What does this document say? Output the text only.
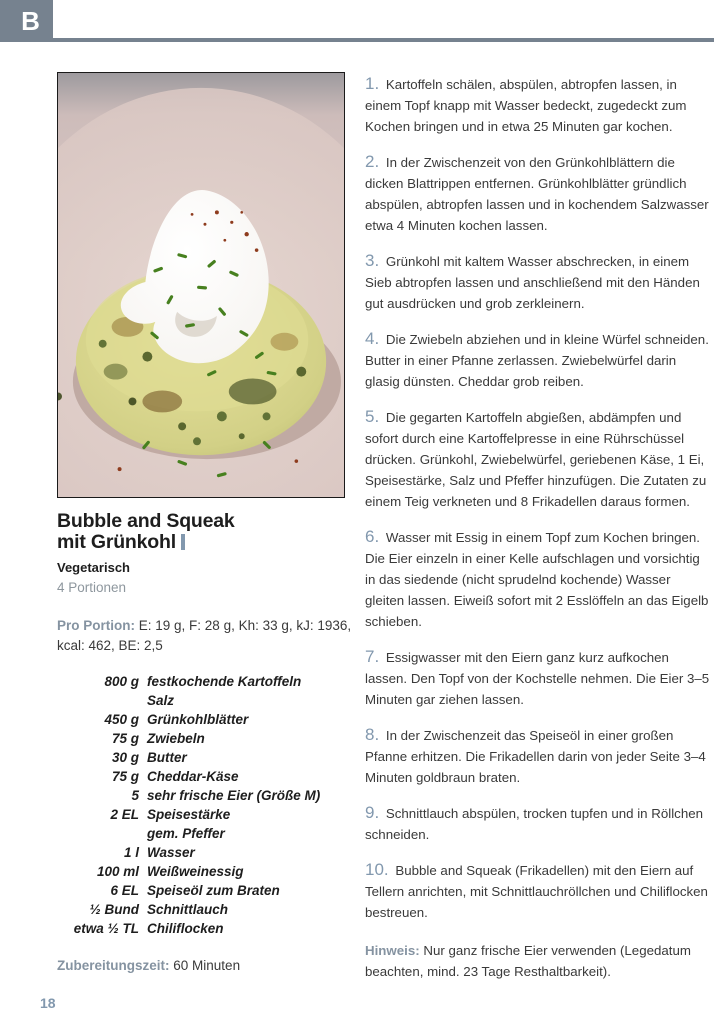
B
Bubble and Squeak
mit Grünkohl
Vegetarisch
4 Portionen
Pro Portion: E: 19 g, F: 28 g, Kh: 33 g, kJ: 1936, kcal: 462, BE: 2,5
800 g festkochende Kartoffeln
Salz
450 g Grünkohlblätter
75 g Zwiebeln
30 g Butter
75 g Cheddar-Käse
5 sehr frische Eier (Größe M)
2 EL Speisestärke
gem. Pfeffer
1 l Wasser
100 ml Weißweinessig
6 EL Speiseöl zum Braten
½ Bund Schnittlauch
etwa ½ TL Chiliflocken
Zubereitungszeit: 60 Minuten
1. Kartoffeln schälen, abspülen, abtropfen lassen, in einem Topf knapp mit Wasser bedeckt, zugedeckt zum Kochen bringen und in etwa 25 Minuten gar kochen.
2. In der Zwischenzeit von den Grünkohlblättern die dicken Blattrippen entfernen. Grünkohlblätter gründlich abspülen, abtropfen lassen und in kochendem Salzwasser etwa 4 Minuten kochen lassen.
3. Grünkohl mit kaltem Wasser abschrecken, in einem Sieb abtropfen lassen und anschließend mit den Händen gut ausdrücken und grob zerkleinern.
4. Die Zwiebeln abziehen und in kleine Würfel schneiden. Butter in einer Pfanne zerlassen. Zwiebelwürfel darin glasig dünsten. Cheddar grob reiben.
5. Die gegarten Kartoffeln abgießen, abdämpfen und sofort durch eine Kartoffelpresse in eine Rührschüssel drücken. Grünkohl, Zwiebelwürfel, geriebenen Käse, 1 Ei, Speisestärke, Salz und Pfeffer hinzufügen. Die Zutaten zu einem Teig verkneten und 8 Frikadellen daraus formen.
6. Wasser mit Essig in einem Topf zum Kochen bringen. Die Eier einzeln in einer Kelle aufschlagen und vorsichtig in das siedende (nicht sprudelnd kochende) Wasser gleiten lassen. Eiweiß sofort mit 2 Esslöffeln an das Eigelb schieben.
7. Essigwasser mit den Eiern ganz kurz aufkochen lassen. Den Topf von der Kochstelle nehmen. Die Eier 3–5 Minuten gar ziehen lassen.
8. In der Zwischenzeit das Speiseöl in einer großen Pfanne erhitzen. Die Frikadellen darin von jeder Seite 3–4 Minuten goldbraun braten.
9. Schnittlauch abspülen, trocken tupfen und in Röllchen schneiden.
10. Bubble and Squeak (Frikadellen) mit den Eiern auf Tellern anrichten, mit Schnittlauchröllchen und Chiliflocken bestreuen.
Hinweis: Nur ganz frische Eier verwenden (Legedatum beachten, mind. 23 Tage Resthaltbarkeit).
18
